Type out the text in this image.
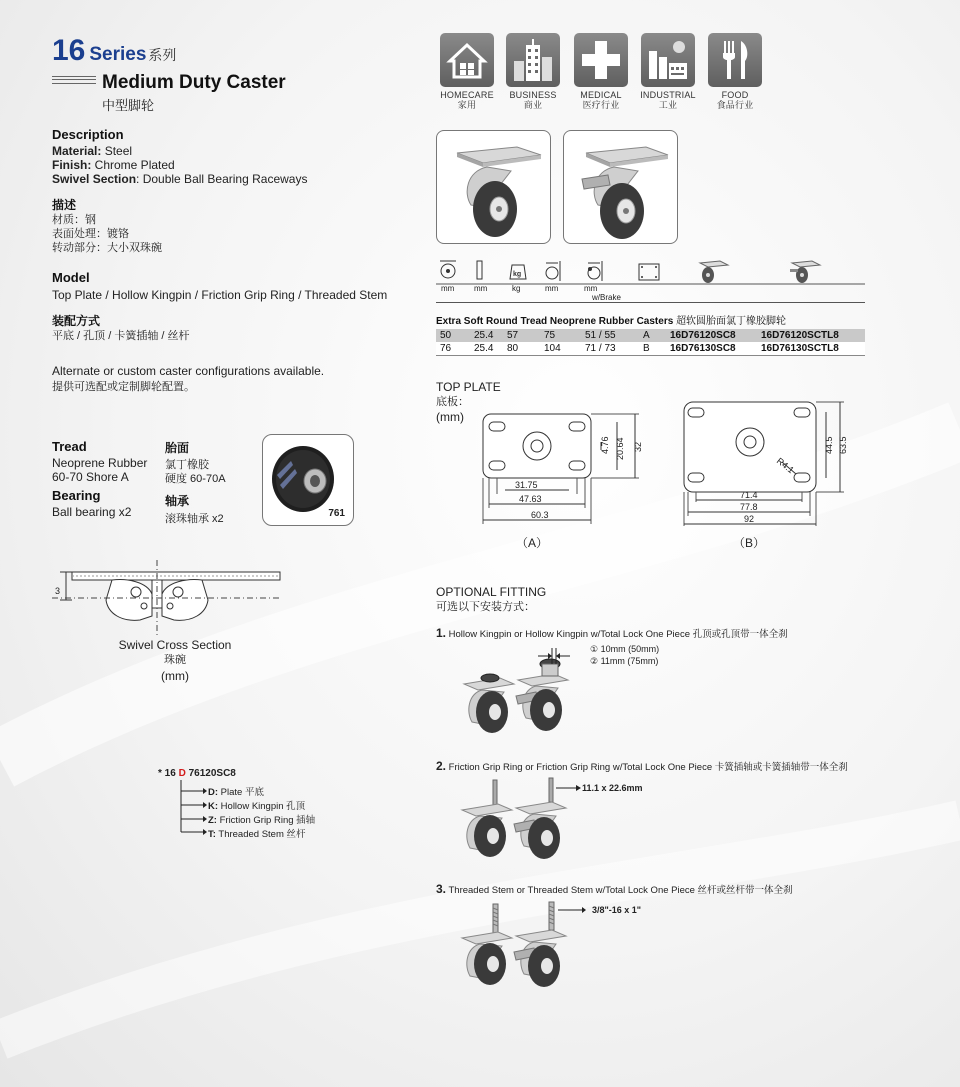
16 Series 系列
Medium Duty Caster
中型脚轮
Description
Material: Steel
Finish: Chrome Plated
Swivel Section: Double Ball Bearing Raceways
描述
材质：钢
表面处理：镀铬
转动部分：大小双珠碗
Model
Top Plate / Hollow Kingpin / Friction Grip Ring / Threaded Stem
装配方式
平底 / 孔顶 / 卡簧插轴 / 丝杆
Alternate or custom caster configurations available.
提供可选配或定制脚轮配置。
Tread
Neoprene Rubber
60-70 Shore A
Bearing
Ball bearing x2
胎面
氯丁橡胶
硬度 60-70A
轴承
滚珠轴承 x2	761
3
Swivel Cross Section
珠碗
(mm)
* 16 D 76120SC8
D: Plate 平底
K: Hollow Kingpin 孔顶
Z: Friction Grip Ring 插轴
T: Threaded Stem 丝杆
HOMECARE
家用
BUSINESS
商业
MEDICAL
医疗行业
INDUSTRIAL
工业
FOOD
食品行业
kg
mm mm	kg	mm	mm
w/Brake
Extra Soft Round Tread Neoprene Rubber Casters 超软圆胎面氯丁橡胶脚轮
50	25.4	57	75	51 / 55	A	16D76120SC8	16D76120SCTL8
76	25.4	80	104	71 / 73	B	16D76130SC8	16D76130SCTL8
TOP PLATE
底板：
(mm)
31.75
47.63
60.3
4.76 20.64 32
（A）
71.4
77.8
92
44.5 63.5
R4.1
（B）
OPTIONAL FITTING
可选以下安装方式：
1. Hollow Kingpin or Hollow Kingpin w/Total Lock One Piece 孔顶或孔顶带一体全刹
① 10mm (50mm)
② 11mm (75mm)
2. Friction Grip Ring or Friction Grip Ring w/Total Lock One Piece 卡簧插轴或卡簧插轴带一体全刹
11.1 x 22.6mm
3. Threaded Stem or Threaded Stem w/Total Lock One Piece 丝杆或丝杆带一体全刹
3/8"-16 x 1"
